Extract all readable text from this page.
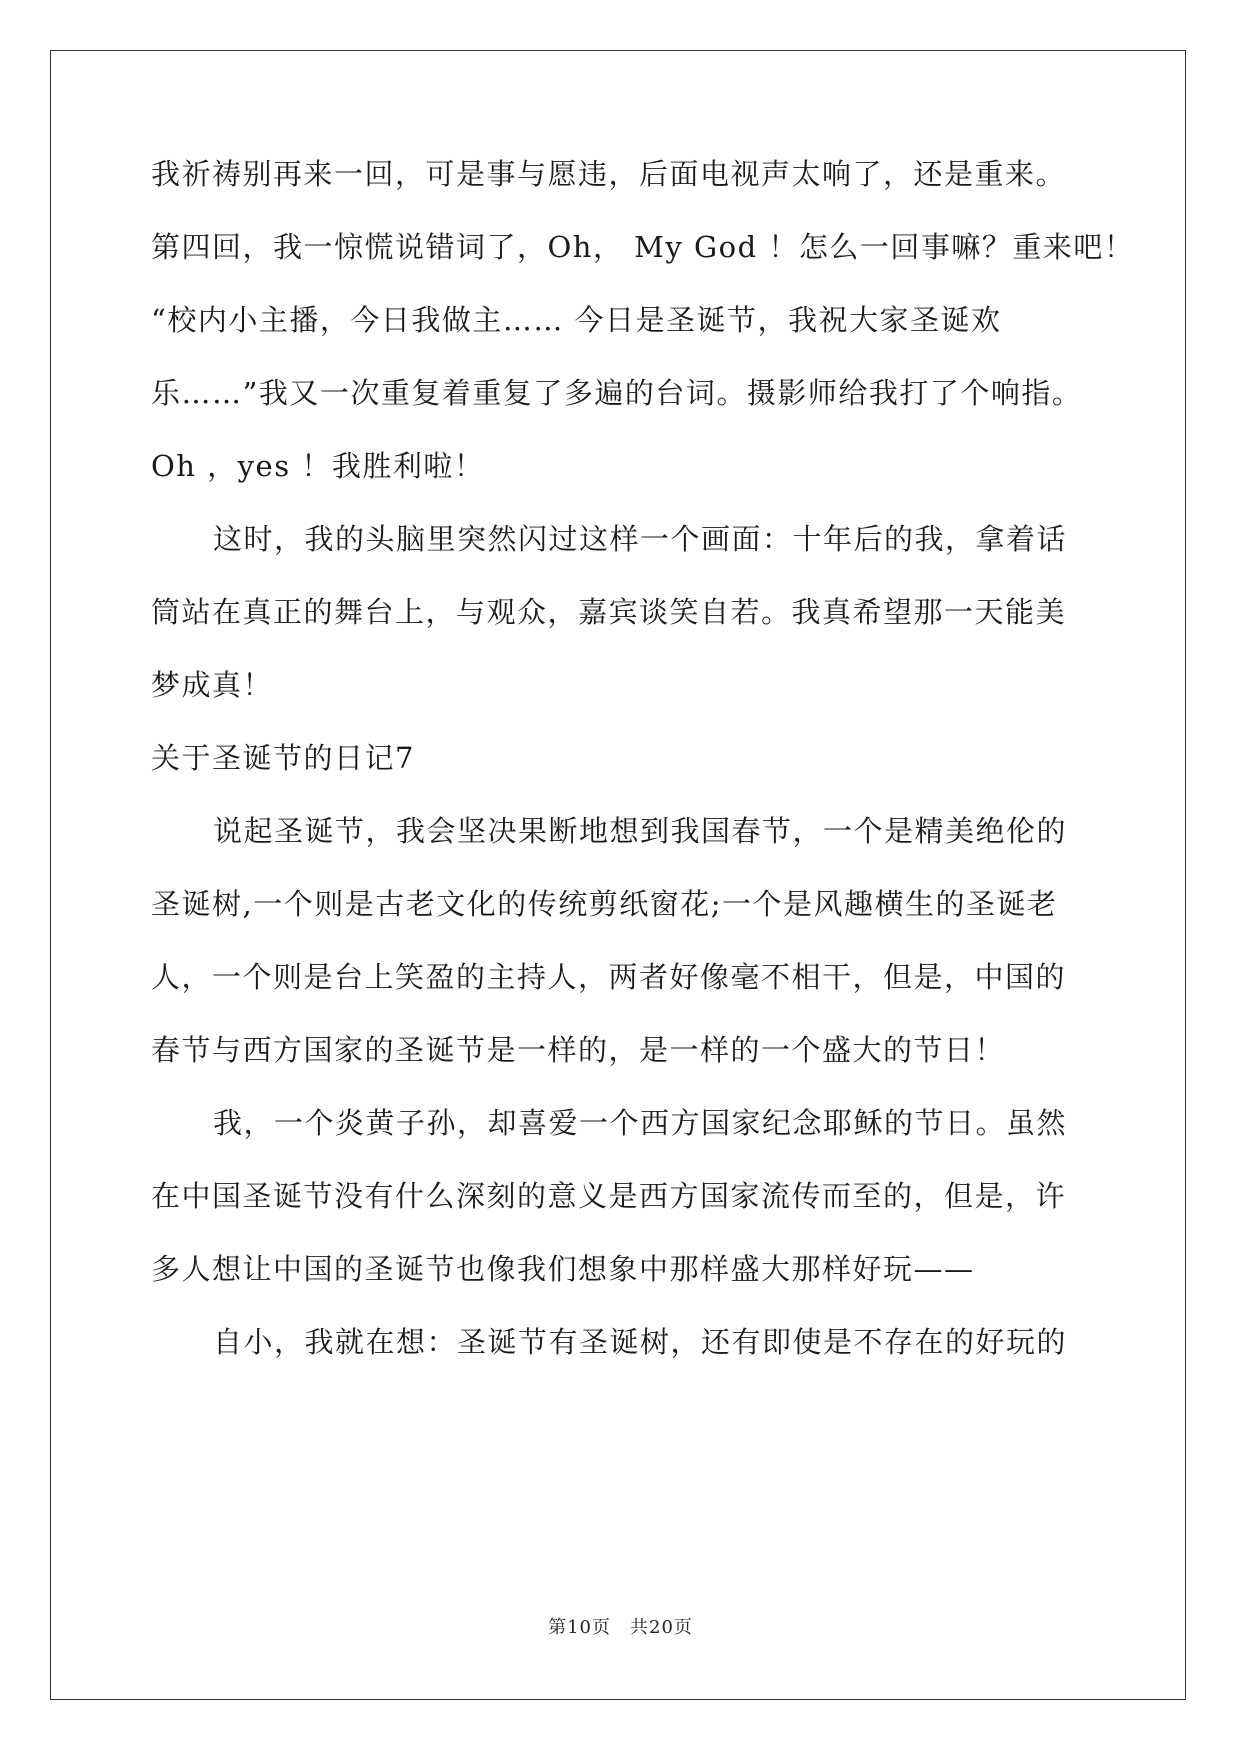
我祈祷别再来一回，可是事与愿违，后面电视声太响了，还是重来。
第四回，我一惊慌说错词了，Oh， My God ！怎么一回事嘛？重来吧！
“校内小主播，今日我做主…… 今日是圣诞节，我祝大家圣诞欢
乐……”我又一次重复着重复了多遍的台词。摄影师给我打了个响指。
Oh ，yes ！我胜利啦！
这时，我的头脑里突然闪过这样一个画面：十年后的我，拿着话
筒站在真正的舞台上，与观众，嘉宾谈笑自若。我真希望那一天能美
梦成真！
关于圣诞节的日记7
说起圣诞节，我会坚决果断地想到我国春节，一个是精美绝伦的
圣诞树,一个则是古老文化的传统剪纸窗花;一个是风趣横生的圣诞老
人，一个则是台上笑盈的主持人，两者好像毫不相干，但是，中国的
春节与西方国家的圣诞节是一样的，是一样的一个盛大的节日！
我，一个炎黄子孙，却喜爱一个西方国家纪念耶稣的节日。虽然
在中国圣诞节没有什么深刻的意义是西方国家流传而至的，但是，许
多人想让中国的圣诞节也像我们想象中那样盛大那样好玩——
自小，我就在想：圣诞节有圣诞树，还有即使是不存在的好玩的
第10页　共20页
